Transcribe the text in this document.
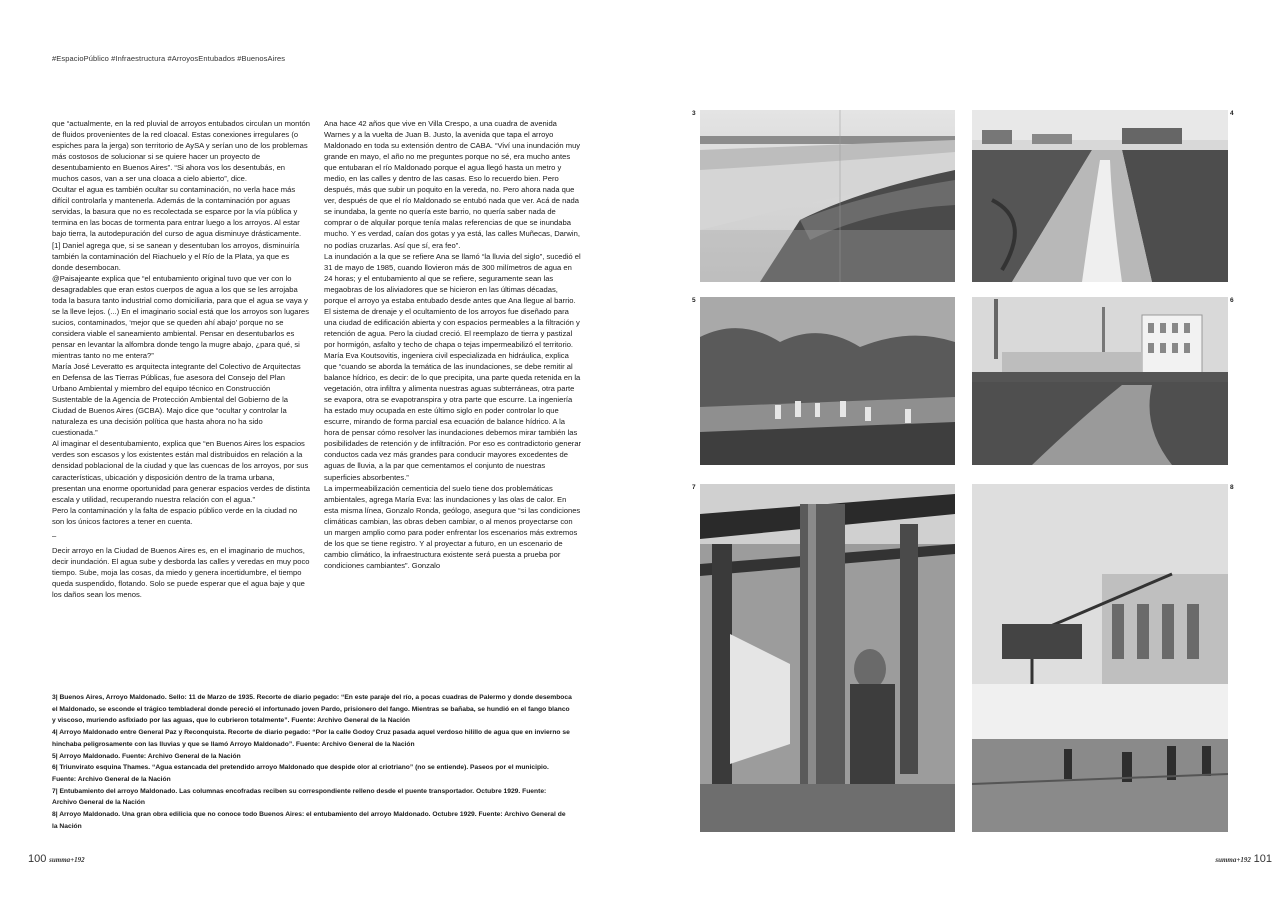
#EspacioPúblico #Infraestructura #ArroyosEntubados #BuenosAires

que “actualmente, en la red pluvial de arroyos entubados circulan un montón de fluidos provenientes de la red cloacal. Estas conexiones irregulares (o espiches para la jerga) son territorio de AySA y serían uno de los problemas más costosos de solucionar si se quiere hacer un proyecto de desentubamiento en Buenos Aires”. “Si ahora vos los desentubás, en muchos casos, van a ser una cloaca a cielo abierto”, dice.

Ocultar el agua es también ocultar su contaminación, no verla hace más difícil controlarla y mantenerla. Además de la contaminación por aguas servidas, la basura que no es recolectada se esparce por la vía pública y termina en las bocas de tormenta para entrar luego a los arroyos. Al estar bajo tierra, la autodepuración del curso de agua disminuye drásticamente. [1] Daniel agrega que, si se sanean y desentuban los arroyos, disminuiría también la contaminación del Riachuelo y el Río de la Plata, ya que es donde desembocan.

@Paisajeante explica que “el entubamiento original tuvo que ver con lo desagradables que eran estos cuerpos de agua a los que se les arrojaba toda la basura tanto industrial como domiciliaria, para que el agua se vaya y se la lleve lejos. (...) En el imaginario social está que los arroyos son lugares sucios, contaminados, ‘mejor que se queden ahí abajo’ porque no se considera viable el saneamiento ambiental. Pensar en desentubarlos es pensar en levantar la alfombra donde tengo la mugre abajo, ¿para qué, si mientras tanto no me entera?”

María José Leveratto es arquitecta integrante del Colectivo de Arquitectas en Defensa de las Tierras Públicas, fue asesora del Consejo del Plan Urbano Ambiental y miembro del equipo técnico en Construcción Sustentable de la Agencia de Protección Ambiental del Gobierno de la Ciudad de Buenos Aires (GCBA). Majo dice que “ocultar y controlar la naturaleza es una decisión política que hasta ahora no ha sido cuestionada.”

Al imaginar el desentubamiento, explica que “en Buenos Aires los espacios verdes son escasos y los existentes están mal distribuidos en relación a la densidad poblacional de la ciudad y que las cuencas de los arroyos, por sus características, ubicación y disposición dentro de la trama urbana, presentan una enorme oportunidad para generar espacios verdes de distinta escala y utilidad, recuperando nuestra relación con el agua.”

Pero la contaminación y la falta de espacio público verde en la ciudad no son los únicos factores a tener en cuenta.

–

Decir arroyo en la Ciudad de Buenos Aires es, en el imaginario de muchos, decir inundación. El agua sube y desborda las calles y veredas en muy poco tiempo. Sube, moja las cosas, da miedo y genera incertidumbre, el tiempo queda suspendido, flotando. Solo se puede esperar que el agua baje y que los daños sean los menos.

Ana hace 42 años que vive en Villa Crespo, a una cuadra de avenida Warnes y a la vuelta de Juan B. Justo, la avenida que tapa el arroyo Maldonado en toda su extensión dentro de CABA. “Viví una inundación muy grande en mayo, el año no me preguntes porque no sé, era mucho antes que entubaran el río Maldonado porque el agua llegó hasta un metro y medio, en las calles y dentro de las casas. Eso lo recuerdo bien. Pero después, más que subir un poquito en la vereda, no. Pero ahora nada que ver, después de que el río Maldonado se entubó nada que ver. Acá de nada se inundaba, la gente no quería este barrio, no quería saber nada de comprar o de alquilar porque tenía malas referencias de que se inundaba mucho. Y es verdad, caían dos gotas y ya está, las calles Muñecas, Darwin, no podías cruzarlas. Así que sí, era feo”.

La inundación a la que se refiere Ana se llamó “la lluvia del siglo”, sucedió el 31 de mayo de 1985, cuando llovieron más de 300 milímetros de agua en 24 horas; y el entubamiento al que se refiere, seguramente sean las megaobras de los aliviadores que se hicieron en las últimas décadas, porque el arroyo ya estaba entubado desde antes que Ana llegue al barrio.

El sistema de drenaje y el ocultamiento de los arroyos fue diseñado para una ciudad de edificación abierta y con espacios permeables a la filtración y retención de agua. Pero la ciudad creció. El reemplazo de tierra y pastizal por hormigón, asfalto y techo de chapa o tejas impermeabilizó el territorio.

María Eva Koutsovitis, ingeniera civil especializada en hidráulica, explica que “cuando se aborda la temática de las inundaciones, se debe remitir al balance hídrico, es decir: de lo que precipita, una parte queda retenida en la vegetación, otra infiltra y alimenta nuestras aguas subterráneas, otra parte se evapora, otra se evapotranspira y otra parte que escurre. La ingeniería ha estado muy ocupada en este último siglo en poder controlar lo que escurre, mirando de forma parcial esa ecuación de balance hídrico. A la hora de pensar cómo resolver las inundaciones debemos mirar también las posibilidades de retención y de infiltración. Por eso es contradictorio generar conductos cada vez más grandes para conducir mayores excedentes de aguas de lluvia, a la par que cementamos el conjunto de nuestras superficies absorbentes.”

La impermeabilización cementicia del suelo tiene dos problemáticas ambientales, agrega María Eva: las inundaciones y las olas de calor. En esta misma línea, Gonzalo Ronda, geólogo, asegura que “si las condiciones climáticas cambian, las obras deben cambiar, o al menos proyectarse con un margen amplio como para poder enfrentar los escenarios más extremos de los que se tiene registro. Y al proyectar a futuro, en un escenario de cambio climático, la infraestructura existente será puesta a prueba por condiciones cambiantes”. Gonzalo

3| Buenos Aires, Arroyo Maldonado. Sello: 11 de Marzo de 1935. Recorte de diario pegado: “En este paraje del río, a pocas cuadras de Palermo y donde desemboca el Maldonado, se esconde el trágico tembladeral donde pereció el infortunado joven Pardo, prisionero del fango. Mientras se bañaba, se hundió en el fango blanco y viscoso, muriendo asfixiado por las aguas, que lo cubrieron totalmente”. Fuente: Archivo General de la Nación

4| Arroyo Maldonado entre General Paz y Reconquista. Recorte de diario pegado: “Por la calle Godoy Cruz pasada aquel verdoso hilillo de agua que en invierno se hinchaba peligrosamente con las lluvias y que se llamó Arroyo Maldonado”. Fuente: Archivo General de la Nación

5| Arroyo Maldonado. Fuente: Archivo General de la Nación

6| Triunvirato esquina Thames. “Agua estancada del pretendido arroyo Maldonado que despide olor al criotriano” (no se entiende). Paseos por el municipio. Fuente: Archivo General de la Nación

7| Entubamiento del arroyo Maldonado. Las columnas encofradas reciben su correspondiente relleno desde el puente transportador. Octubre 1929. Fuente: Archivo General de la Nación

8| Arroyo Maldonado. Una gran obra edilicia que no conoce todo Buenos Aires: el entubamiento del arroyo Maldonado. Octubre 1929. Fuente: Archivo General de la Nación

100 summa+192	summa+192 101
3	4
5	6
7	8
